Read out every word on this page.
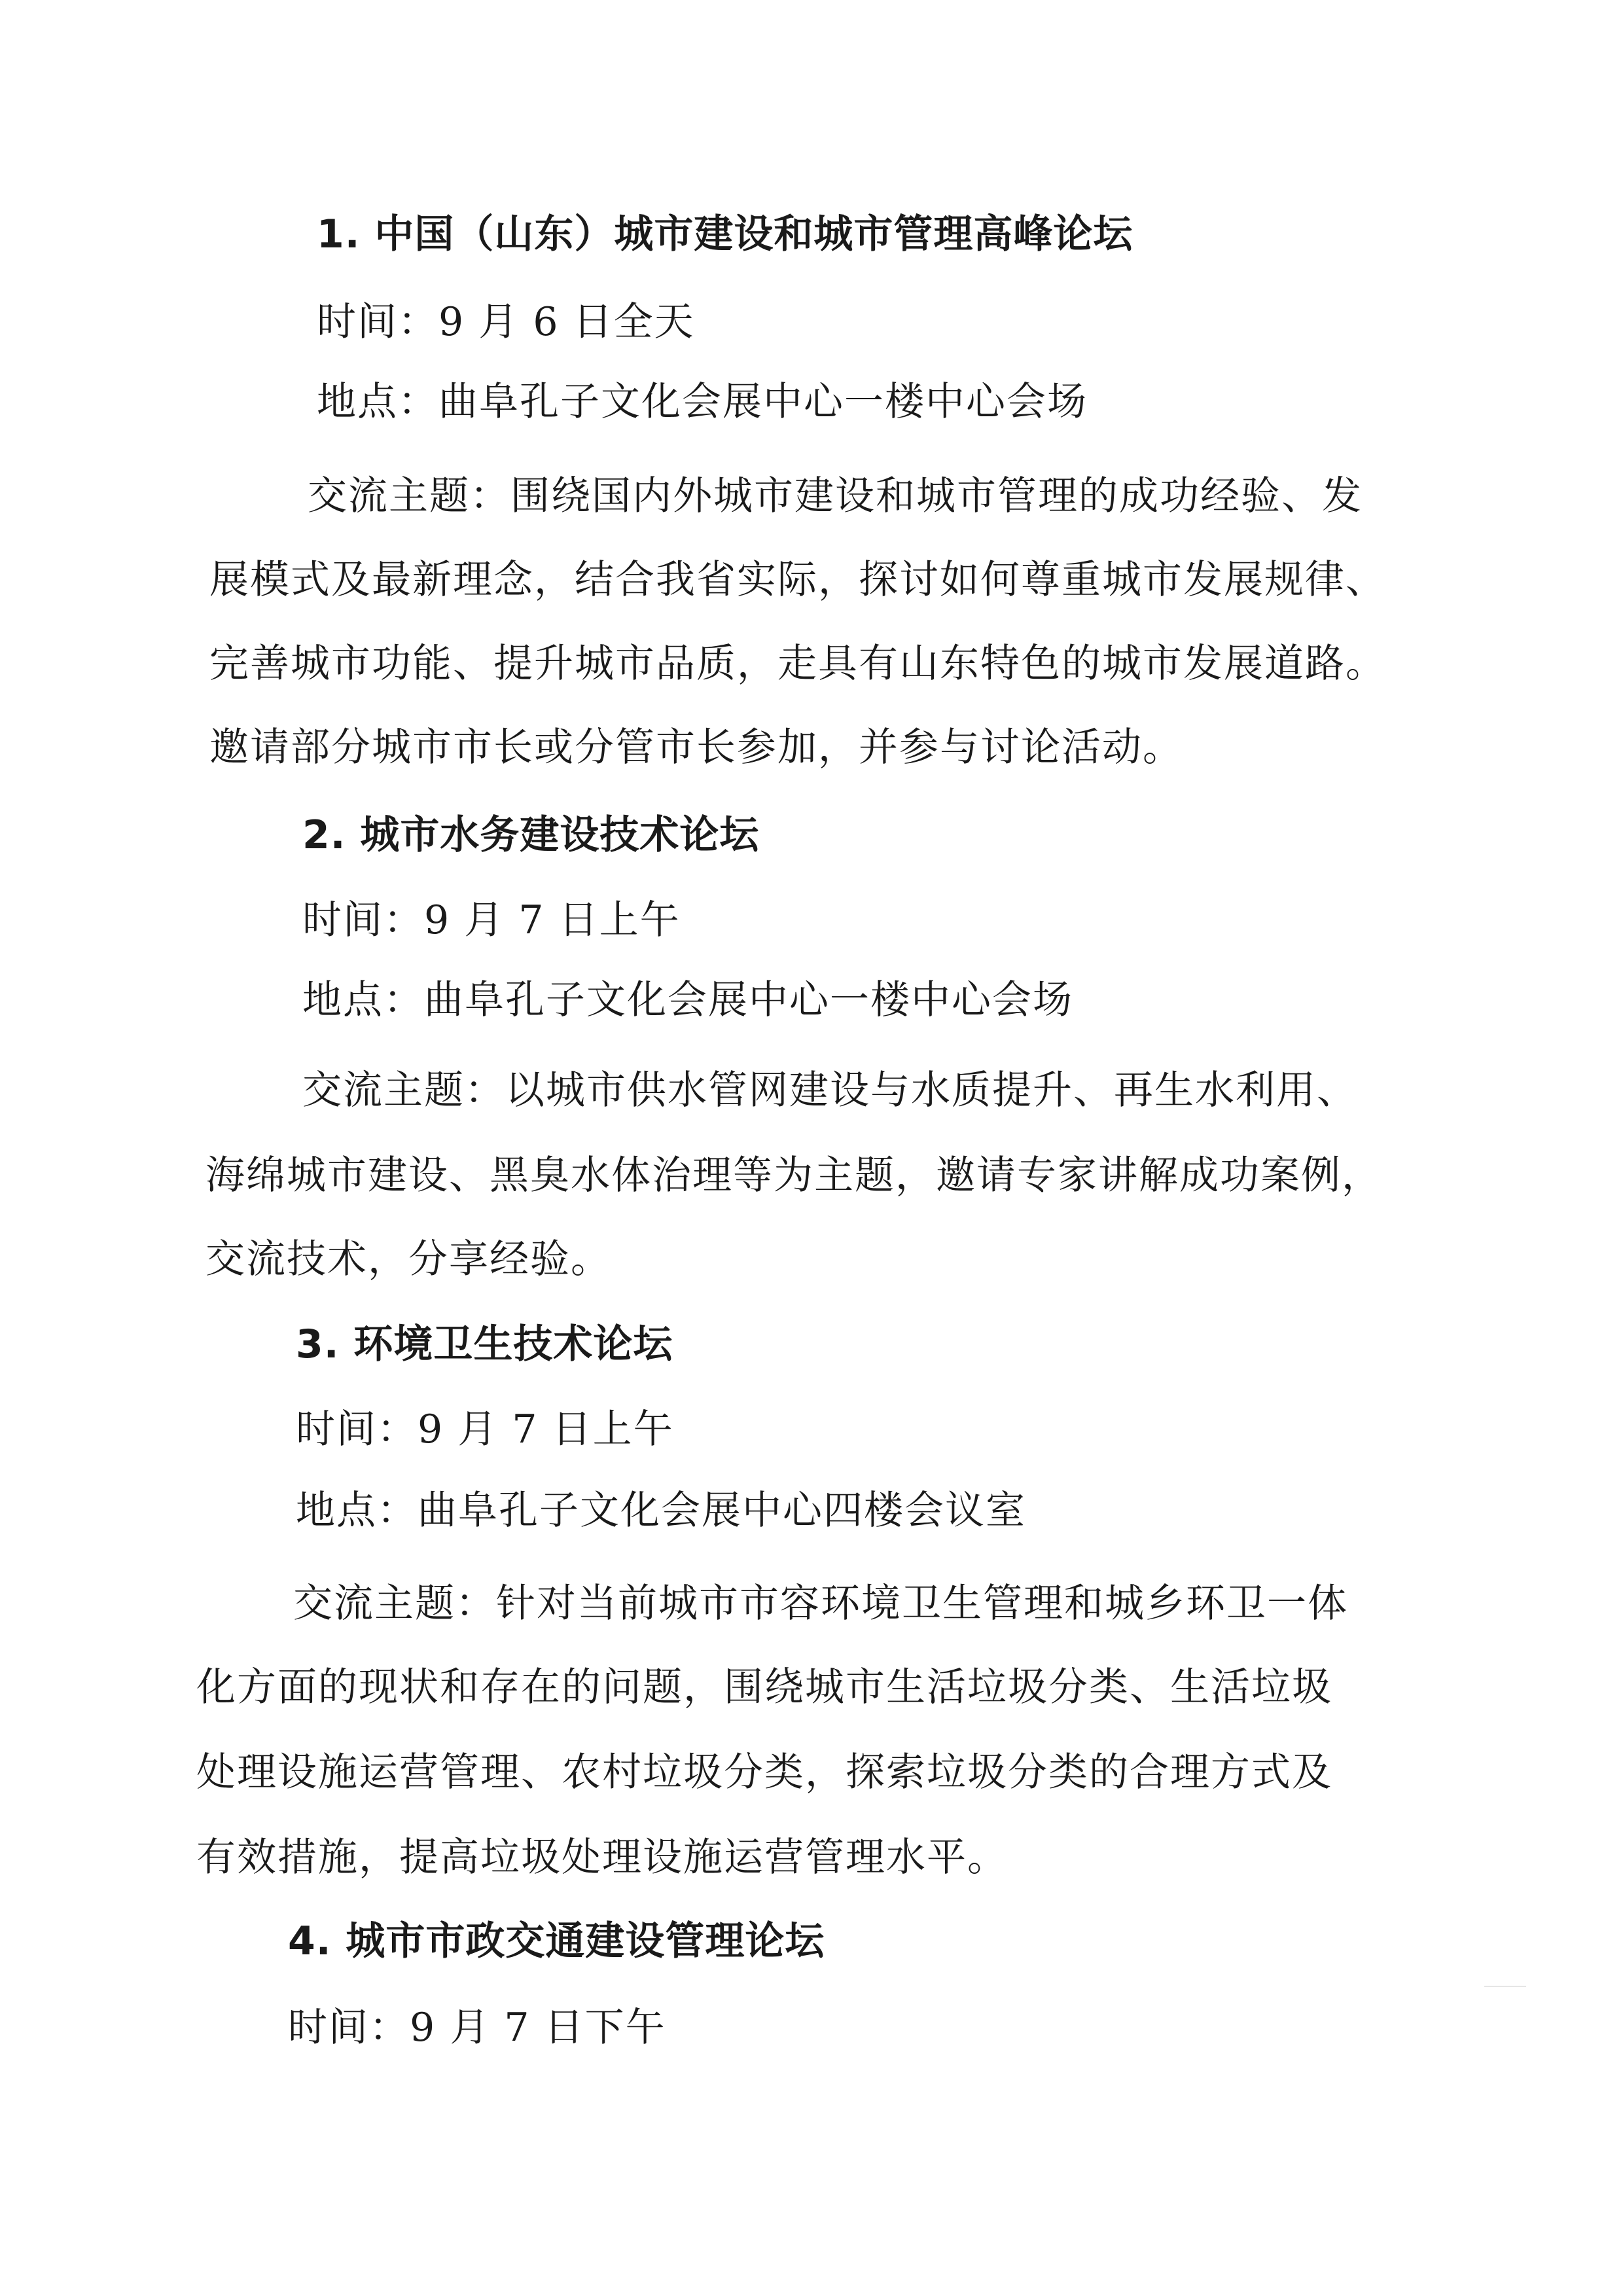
1. 中国（山东）城市建设和城市管理高峰论坛
时间：9 月 6 日全天
地点：曲阜孔子文化会展中心一楼中心会场
交流主题：围绕国内外城市建设和城市管理的成功经验、发
展模式及最新理念，结合我省实际，探讨如何尊重城市发展规律、
完善城市功能、提升城市品质，走具有山东特色的城市发展道路。
邀请部分城市市长或分管市长参加，并参与讨论活动。
2. 城市水务建设技术论坛
时间：9 月 7 日上午
地点：曲阜孔子文化会展中心一楼中心会场
交流主题：以城市供水管网建设与水质提升、再生水利用、
海绵城市建设、黑臭水体治理等为主题，邀请专家讲解成功案例，
交流技术，分享经验。
3. 环境卫生技术论坛
时间：9 月 7 日上午
地点：曲阜孔子文化会展中心四楼会议室
交流主题：针对当前城市市容环境卫生管理和城乡环卫一体
化方面的现状和存在的问题，围绕城市生活垃圾分类、生活垃圾
处理设施运营管理、农村垃圾分类，探索垃圾分类的合理方式及
有效措施，提高垃圾处理设施运营管理水平。
4. 城市市政交通建设管理论坛
时间：9 月 7 日下午
